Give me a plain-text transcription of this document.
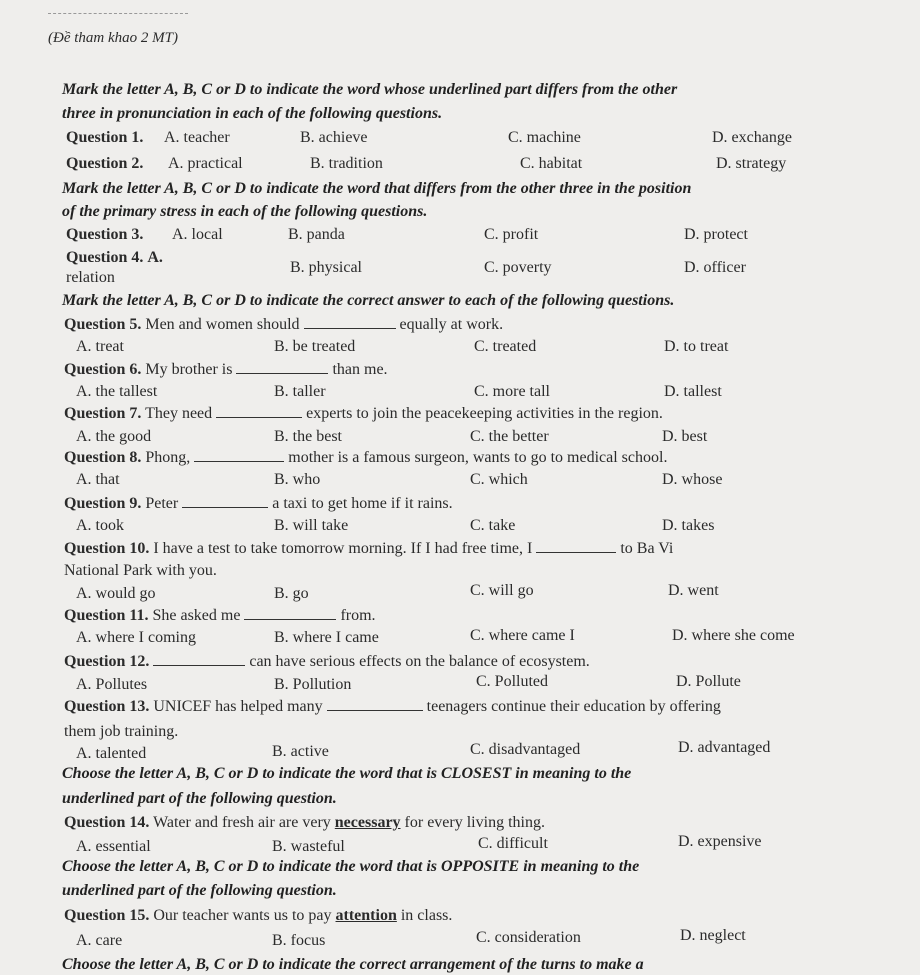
(Đề tham khao 2 MT)
Mark the letter A, B, C or D to indicate the word whose underlined part differs from the other
three in pronunciation in each of the following questions.
Question 1. A. teacher	B. achieve	C. machine	D. exchange
Question 2. A. practical	B. tradition	C. habitat	D. strategy
Mark the letter A, B, C or D to indicate the word that differs from the other three in the position
of the primary stress in each of the following questions.
Question 3. A. local	B. panda	C. profit	D. protect
Question 4. A.
relation
B. physical	C. poverty	D. officer
Mark the letter A, B, C or D to indicate the correct answer to each of the following questions.
Question 5. Men and women should	equally at work.
A. treat	B. be treated	C. treated	D. to treat
Question 6. My brother is	than me.
A. the tallest	B. taller	C. more tall	D. tallest
Question 7. They need	experts to join the peacekeeping activities in the region.
A. the good	B. the best	C. the better	D. best
Question 8. Phong,	mother is a famous surgeon, wants to go to medical school.
A. that	B. who	C. which	D. whose
Question 9. Peter	a taxi to get home if it rains.
A. took	B. will take	C. take	D. takes
Question 10. I have a test to take tomorrow morning. If I had free time, I	to Ba Vi
National Park with you.
A. would go	B. go	C. will go	D. went
Question 11. She asked me	from.
A. where I coming	B. where I came	C. where came I	D. where she come
Question 12.	can have serious effects on the balance of ecosystem.
A. Pollutes	B. Pollution	C. Polluted	D. Pollute
Question 13. UNICEF has helped many	teenagers continue their education by offering
them job training.
A. talented	B. active	C. disadvantaged	D. advantaged
Choose the letter A, B, C or D to indicate the word that is CLOSEST in meaning to the
underlined part of the following question.
Question 14. Water and fresh air are very necessary for every living thing.
A. essential	B. wasteful	C. difficult	D. expensive
Choose the letter A, B, C or D to indicate the word that is OPPOSITE in meaning to the
underlined part of the following question.
Question 15. Our teacher wants us to pay attention in class.
A. care	B. focus	C. consideration	D. neglect
Choose the letter A, B, C or D to indicate the correct arrangement of the turns to make a
